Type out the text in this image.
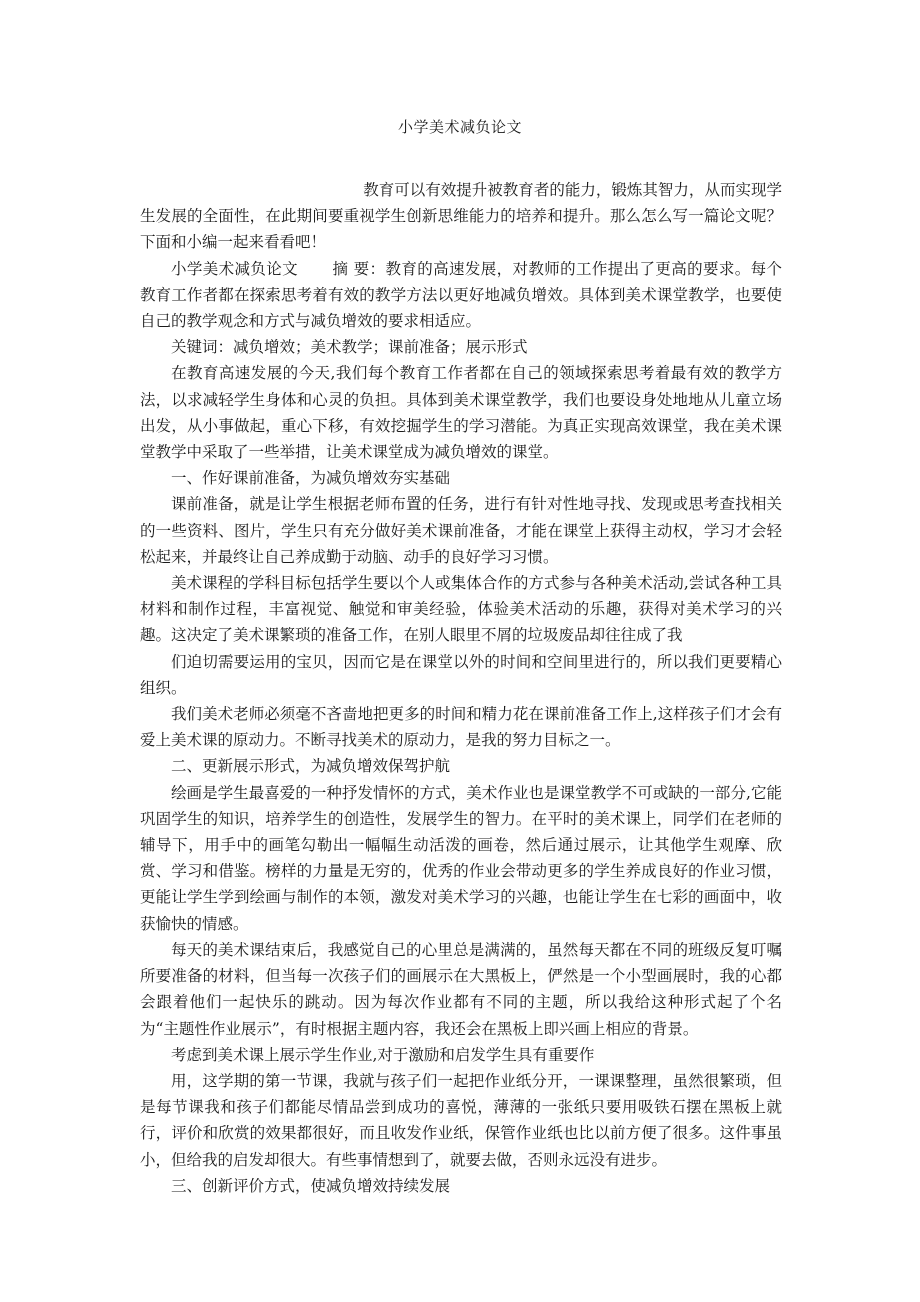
小学美术减负论文

教育可以有效提升被教育者的能力，锻炼其智力，从而实现学生发展的全面性，在此期间要重视学生创新思维能力的培养和提升。那么怎么写一篇论文呢？下面和小编一起来看看吧！

小学美术减负论文 摘 要：教育的高速发展，对教师的工作提出了更高的要求。每个教育工作者都在探索思考着有效的教学方法以更好地减负增效。具体到美术课堂教学，也要使自己的教学观念和方式与减负增效的要求相适应。

关键词：减负增效；美术教学；课前准备；展示形式

在教育高速发展的今天,我们每个教育工作者都在自己的领域探索思考着最有效的教学方法，以求减轻学生身体和心灵的负担。具体到美术课堂教学，我们也要设身处地地从儿童立场出发，从小事做起，重心下移，有效挖掘学生的学习潜能。为真正实现高效课堂，我在美术课堂教学中采取了一些举措，让美术课堂成为减负增效的课堂。

一、作好课前准备，为减负增效夯实基础

课前准备，就是让学生根据老师布置的任务，进行有针对性地寻找、发现或思考查找相关的一些资料、图片，学生只有充分做好美术课前准备，才能在课堂上获得主动权，学习才会轻松起来，并最终让自己养成勤于动脑、动手的良好学习习惯。

美术课程的学科目标包括学生要以个人或集体合作的方式参与各种美术活动,尝试各种工具材料和制作过程，丰富视觉、触觉和审美经验，体验美术活动的乐趣，获得对美术学习的兴趣。这决定了美术课繁琐的准备工作，在别人眼里不屑的垃圾废品却往往成了我

们迫切需要运用的宝贝，因而它是在课堂以外的时间和空间里进行的，所以我们更要精心组织。

我们美术老师必须毫不吝啬地把更多的时间和精力花在课前准备工作上,这样孩子们才会有爱上美术课的原动力。不断寻找美术的原动力，是我的努力目标之一。

二、更新展示形式，为减负增效保驾护航

绘画是学生最喜爱的一种抒发情怀的方式，美术作业也是课堂教学不可或缺的一部分,它能巩固学生的知识，培养学生的创造性，发展学生的智力。在平时的美术课上，同学们在老师的辅导下，用手中的画笔勾勒出一幅幅生动活泼的画卷，然后通过展示，让其他学生观摩、欣赏、学习和借鉴。榜样的力量是无穷的，优秀的作业会带动更多的学生养成良好的作业习惯，更能让学生学到绘画与制作的本领，激发对美术学习的兴趣，也能让学生在七彩的画面中，收获愉快的情感。

每天的美术课结束后，我感觉自己的心里总是满满的，虽然每天都在不同的班级反复叮嘱所要准备的材料，但当每一次孩子们的画展示在大黑板上，俨然是一个小型画展时，我的心都会跟着他们一起快乐的跳动。因为每次作业都有不同的主题，所以我给这种形式起了个名为“主题性作业展示”，有时根据主题内容，我还会在黑板上即兴画上相应的背景。

考虑到美术课上展示学生作业,对于激励和启发学生具有重要作

用，这学期的第一节课，我就与孩子们一起把作业纸分开，一课课整理，虽然很繁琐，但是每节课我和孩子们都能尽情品尝到成功的喜悦，薄薄的一张纸只要用吸铁石摆在黑板上就行，评价和欣赏的效果都很好，而且收发作业纸，保管作业纸也比以前方便了很多。这件事虽小，但给我的启发却很大。有些事情想到了，就要去做，否则永远没有进步。

三、创新评价方式，使减负增效持续发展
